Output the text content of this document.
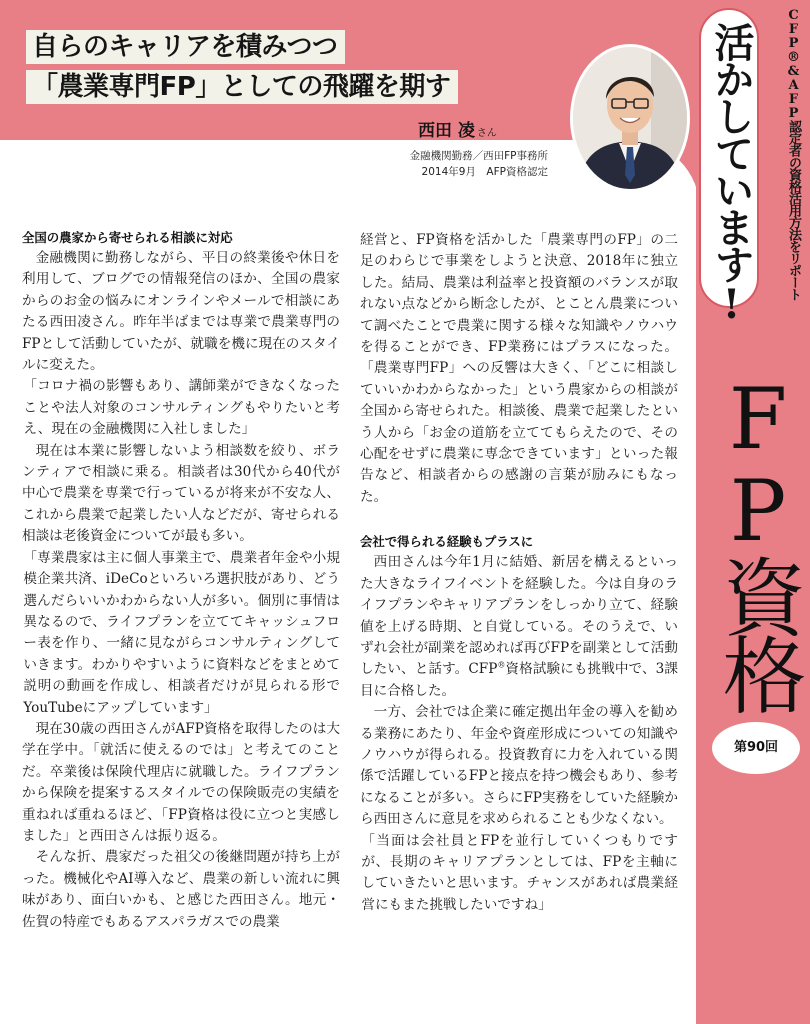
自らのキャリアを積みつつ
「農業専門FP」としての飛躍を期す
西田 凌 さん
金融機関勤務／西田FP事務所
2014年9月　AFP資格認定	活かしています!	CFP®&AFP認定者の資格活用方法をリポート
FP資格
第90回

全国の農家から寄せられる相談に対応

金融機関に勤務しながら、平日の終業後や休日を利用して、ブログでの情報発信のほか、全国の農家からのお金の悩みにオンラインやメールで相談にあたる西田凌さん。昨年半ばまでは専業で農業専門のFPとして活動していたが、就職を機に現在のスタイルに変えた。

「コロナ禍の影響もあり、講師業ができなくなったことや法人対象のコンサルティングもやりたいと考え、現在の金融機関に入社しました」

現在は本業に影響しないよう相談数を絞り、ボランティアで相談に乗る。相談者は30代から40代が中心で農業を専業で行っているが将来が不安な人、これから農業で起業したい人などだが、寄せられる相談は老後資金についてが最も多い。

「専業農家は主に個人事業主で、農業者年金や小規模企業共済、iDeCoといろいろ選択肢があり、どう選んだらいいかわからない人が多い。個別に事情は異なるので、ライフプランを立ててキャッシュフロー表を作り、一緒に見ながらコンサルティングしていきます。わかりやすいように資料などをまとめて説明の動画を作成し、相談者だけが見られる形でYouTubeにアップしています」

現在30歳の西田さんがAFP資格を取得したのは大学在学中。「就活に使えるのでは」と考えてのことだ。卒業後は保険代理店に就職した。ライフプランから保険を提案するスタイルでの保険販売の実績を重ねれば重ねるほど、「FP資格は役に立つと実感しました」と西田さんは振り返る。

そんな折、農家だった祖父の後継問題が持ち上がった。機械化やAI導入など、農業の新しい流れに興味があり、面白いかも、と感じた西田さん。地元・佐賀の特産でもあるアスパラガスでの農業

経営と、FP資格を活かした「農業専門のFP」の二足のわらじで事業をしようと決意、2018年に独立した。結局、農業は利益率と投資額のバランスが取れない点などから断念したが、とことん農業について調べたことで農業に関する様々な知識やノウハウを得ることができ、FP業務にはプラスになった。「農業専門FP」への反響は大きく、「どこに相談していいかわからなかった」という農家からの相談が全国から寄せられた。相談後、農業で起業したという人から「お金の道筋を立ててもらえたので、その心配をせずに農業に専念できています」といった報告など、相談者からの感謝の言葉が励みにもなった。

会社で得られる経験もプラスに

西田さんは今年1月に結婚、新居を構えるといった大きなライフイベントを経験した。今は自身のライフプランやキャリアプランをしっかり立て、経験値を上げる時期、と自覚している。そのうえで、いずれ会社が副業を認めれば再びFPを副業として活動したい、と話す。CFP®資格試験にも挑戦中で、3課目に合格した。

一方、会社では企業に確定拠出年金の導入を勧める業務にあたり、年金や資産形成についての知識やノウハウが得られる。投資教育に力を入れている関係で活躍しているFPと接点を持つ機会もあり、参考になることが多い。さらにFP実務をしていた経験から西田さんに意見を求められることも少なくない。

「当面は会社員とFPを並行していくつもりですが、長期のキャリアプランとしては、FPを主軸にしていきたいと思います。チャンスがあれば農業経営にもまた挑戦したいですね」
